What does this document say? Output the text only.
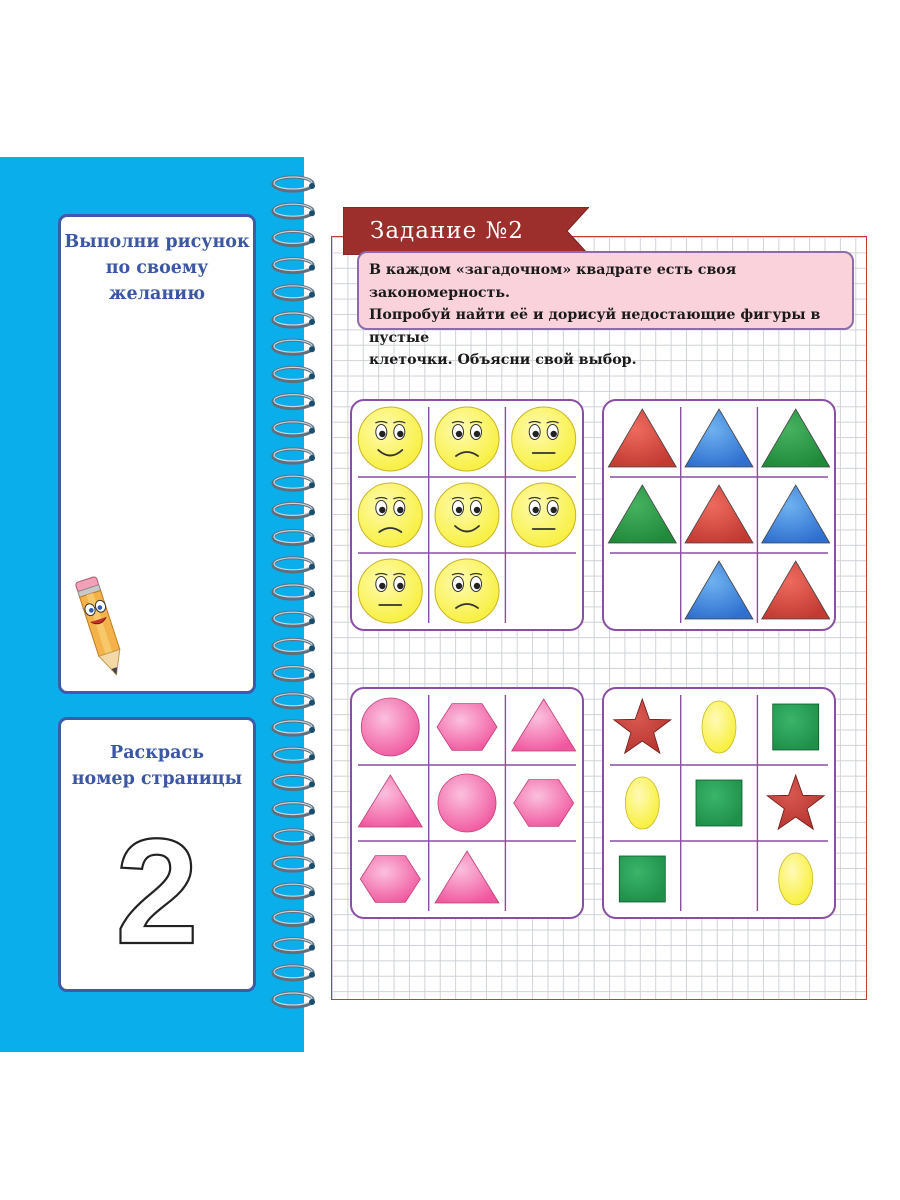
Выполни рисунок
по своему желанию
Раскрась
номер страницы
2
Задание №2
В каждом «загадочном» квадрате есть своя закономерность.
Попробуй найти её и дорисуй недостающие фигуры в пустые
клеточки. Объясни свой выбор.
